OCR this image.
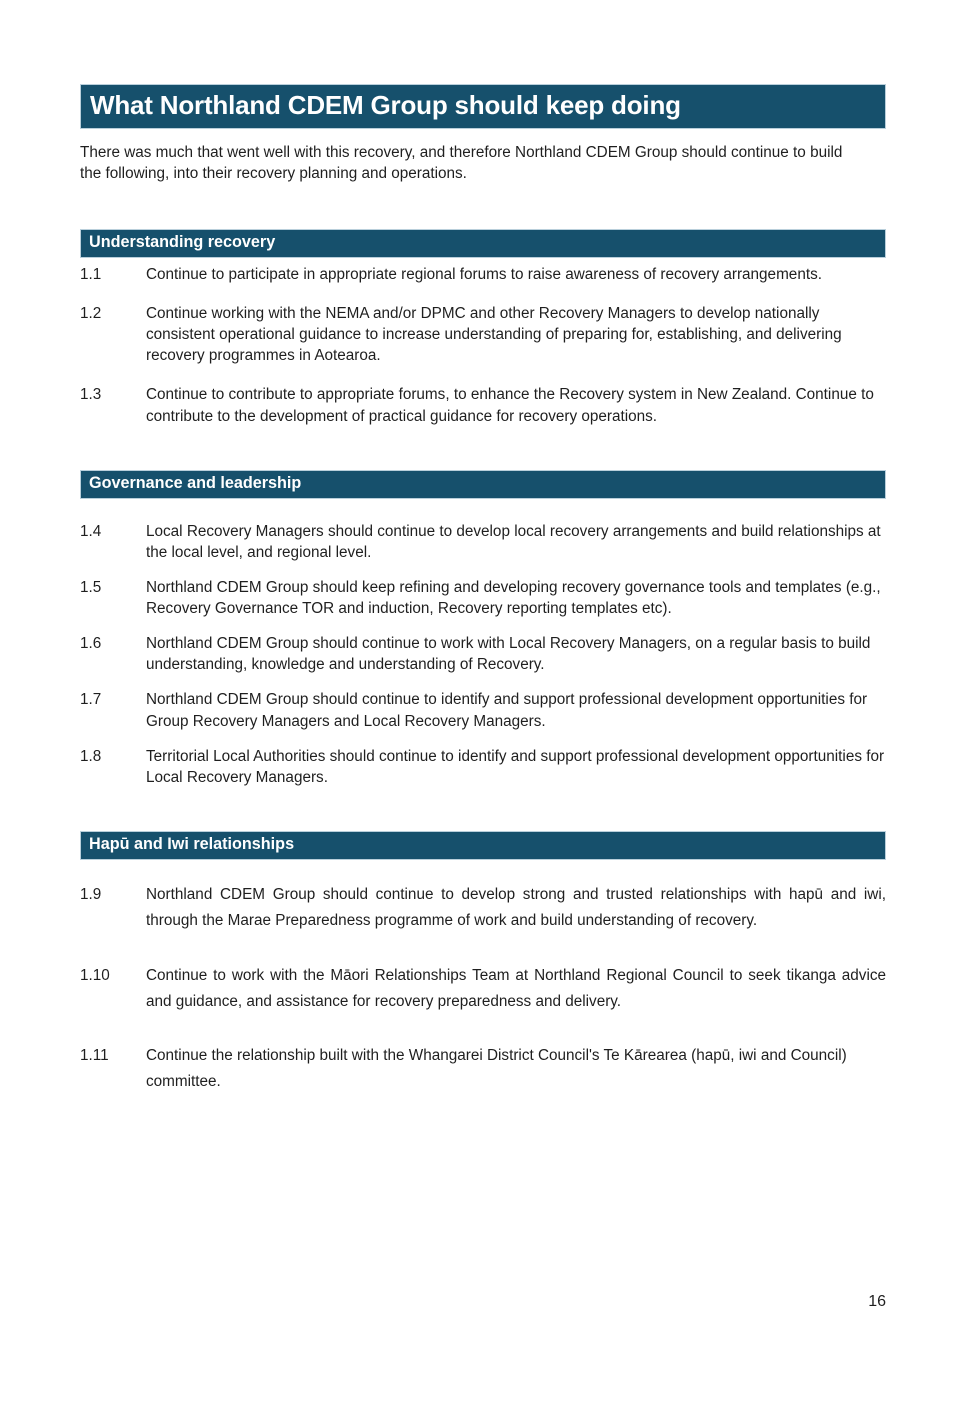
What Northland CDEM Group should keep doing

There was much that went well with this recovery, and therefore Northland CDEM Group should continue to build the following, into their recovery planning and operations.

Understanding recovery
1.1	Continue to participate in appropriate regional forums to raise awareness of recovery arrangements.
1.2	Continue working with the NEMA and/or DPMC and other Recovery Managers to develop nationally consistent operational guidance to increase understanding of preparing for, establishing, and delivering recovery programmes in Aotearoa.
1.3	Continue to contribute to appropriate forums, to enhance the Recovery system in New Zealand. Continue to contribute to the development of practical guidance for recovery operations.
Governance and leadership
1.4	Local Recovery Managers should continue to develop local recovery arrangements and build relationships at the local level, and regional level.
1.5	Northland CDEM Group should keep refining and developing recovery governance tools and templates (e.g., Recovery Governance TOR and induction, Recovery reporting templates etc).
1.6	Northland CDEM Group should continue to work with Local Recovery Managers, on a regular basis to build understanding, knowledge and understanding of Recovery.
1.7	Northland CDEM Group should continue to identify and support professional development opportunities for Group Recovery Managers and Local Recovery Managers.
1.8	Territorial Local Authorities should continue to identify and support professional development opportunities for Local Recovery Managers.
Hapū and Iwi relationships
1.9	Northland CDEM Group should continue to develop strong and trusted relationships with hapū and iwi, through the Marae Preparedness programme of work and build understanding of recovery.
1.10	Continue to work with the Māori Relationships Team at Northland Regional Council to seek tikanga advice and guidance, and assistance for recovery preparedness and delivery.
1.11	Continue the relationship built with the Whangarei District Council's Te Kārearea (hapū, iwi and Council) committee.
16
